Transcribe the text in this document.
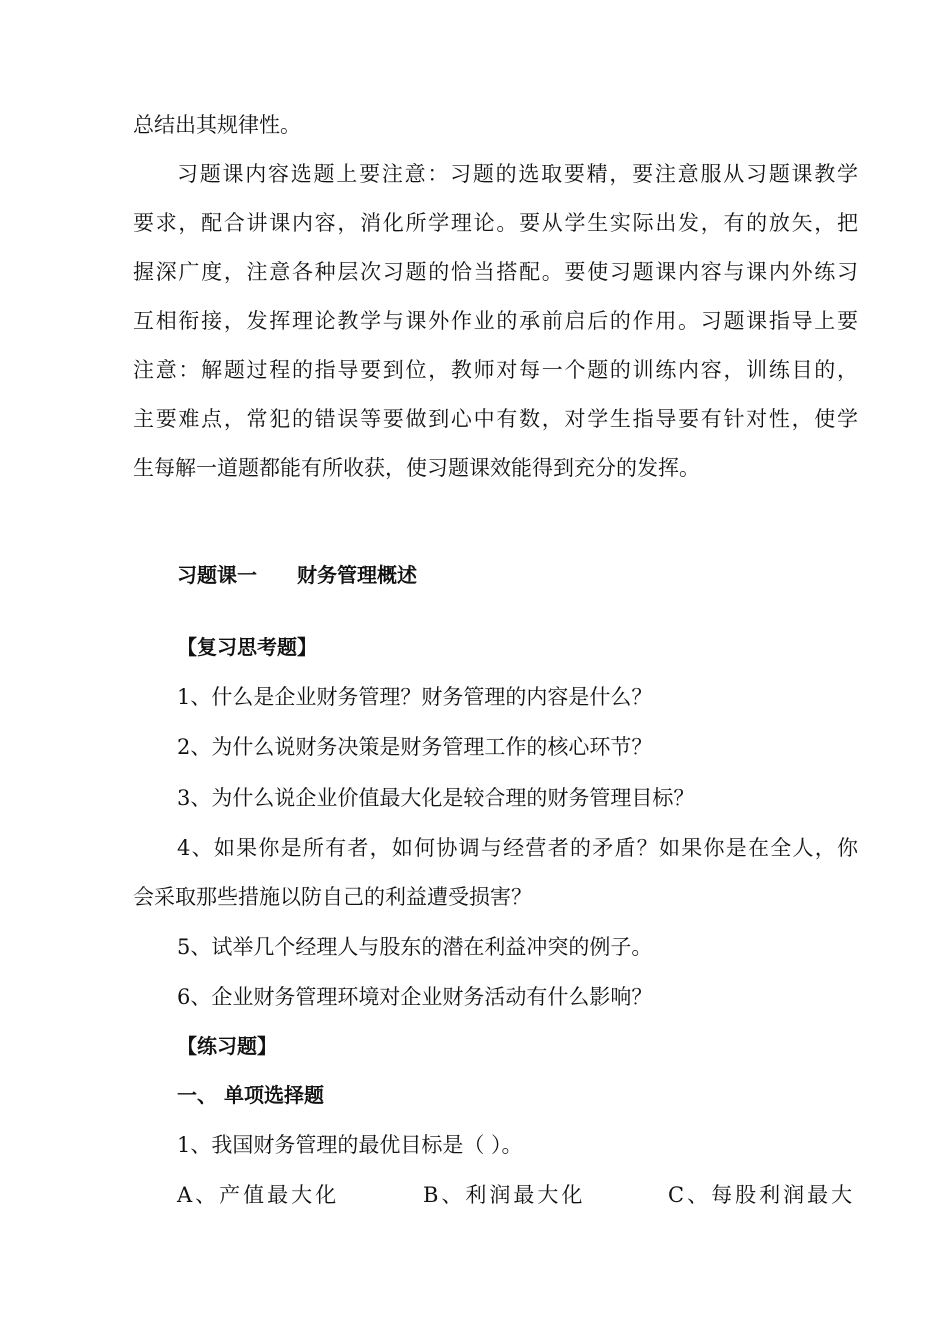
总结出其规律性。
习题课内容选题上要注意：习题的选取要精，要注意服从习题课教学
要求，配合讲课内容，消化所学理论。要从学生实际出发，有的放矢，把
握深广度，注意各种层次习题的恰当搭配。要使习题课内容与课内外练习
互相衔接，发挥理论教学与课外作业的承前启后的作用。习题课指导上要
注意：解题过程的指导要到位，教师对每一个题的训练内容，训练目的，
主要难点，常犯的错误等要做到心中有数，对学生指导要有针对性，使学
生每解一道题都能有所收获，使习题课效能得到充分的发挥。
习题课一 财务管理概述
【复习思考题】
1、什么是企业财务管理？财务管理的内容是什么？
2、为什么说财务决策是财务管理工作的核心环节？
3、为什么说企业价值最大化是较合理的财务管理目标？
4、如果你是所有者，如何协调与经营者的矛盾？如果你是在全人，你
会采取那些措施以防自己的利益遭受损害？
5、试举几个经理人与股东的潜在利益冲突的例子。
6、企业财务管理环境对企业财务活动有什么影响？
【练习题】
一、 单项选择题
1、我国财务管理的最优目标是（ ）。
A、产值最大化	B、利润最大化	C、每股利润最大
